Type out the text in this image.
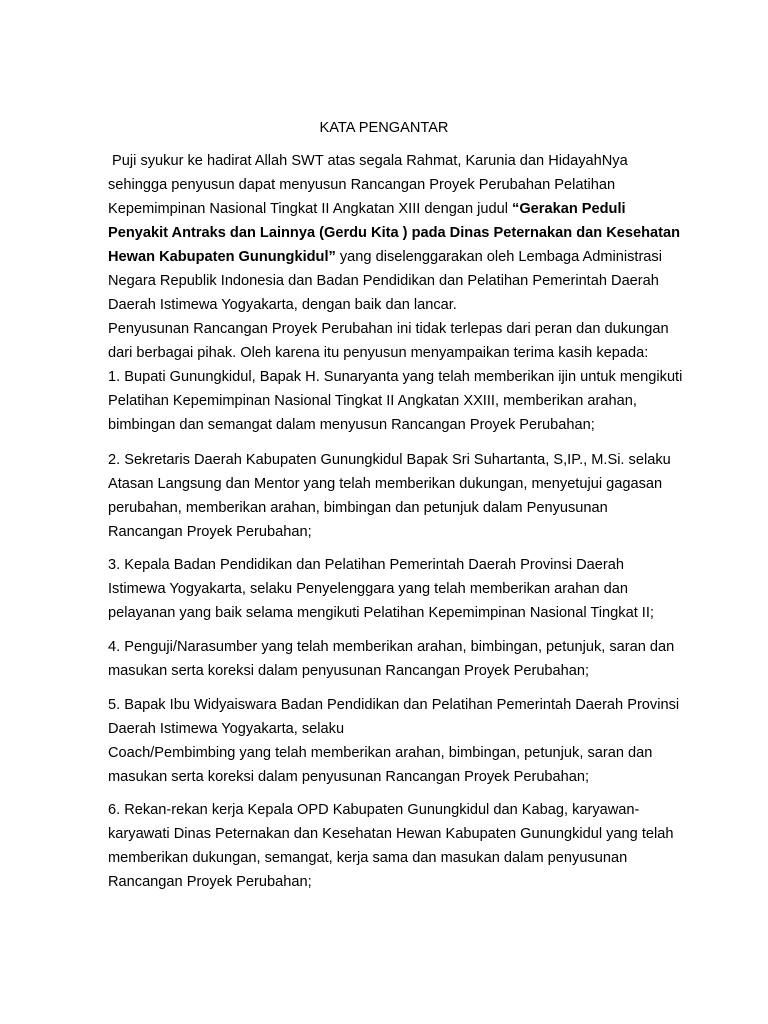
KATA PENGANTAR
Puji syukur ke hadirat Allah SWT atas segala Rahmat, Karunia dan HidayahNya
sehingga penyusun dapat menyusun Rancangan Proyek Perubahan Pelatihan
Kepemimpinan Nasional Tingkat II Angkatan XIII dengan judul “Gerakan Peduli
Penyakit Antraks dan Lainnya (Gerdu Kita ) pada Dinas Peternakan dan Kesehatan
Hewan Kabupaten Gunungkidul” yang diselenggarakan oleh Lembaga Administrasi
Negara Republik Indonesia dan Badan Pendidikan dan Pelatihan Pemerintah Daerah
Daerah Istimewa Yogyakarta, dengan baik dan lancar.
Penyusunan Rancangan Proyek Perubahan ini tidak terlepas dari peran dan dukungan
dari berbagai pihak. Oleh karena itu penyusun menyampaikan terima kasih kepada:
1. Bupati Gunungkidul, Bapak H. Sunaryanta yang telah memberikan ijin untuk mengikuti
Pelatihan Kepemimpinan Nasional Tingkat II Angkatan XXIII, memberikan arahan,
bimbingan dan semangat dalam menyusun Rancangan Proyek Perubahan;
2. Sekretaris Daerah Kabupaten Gunungkidul Bapak Sri Suhartanta, S,IP., M.Si. selaku
Atasan Langsung dan Mentor yang telah memberikan dukungan, menyetujui gagasan
perubahan, memberikan arahan, bimbingan dan petunjuk dalam Penyusunan
Rancangan Proyek Perubahan;
3. Kepala Badan Pendidikan dan Pelatihan Pemerintah Daerah Provinsi Daerah
Istimewa Yogyakarta, selaku Penyelenggara yang telah memberikan arahan dan
pelayanan yang baik selama mengikuti Pelatihan Kepemimpinan Nasional Tingkat II;
4. Penguji/Narasumber yang telah memberikan arahan, bimbingan, petunjuk, saran dan
masukan serta koreksi dalam penyusunan Rancangan Proyek Perubahan;
5. Bapak Ibu Widyaiswara Badan Pendidikan dan Pelatihan Pemerintah Daerah Provinsi
Daerah Istimewa Yogyakarta, selaku
Coach/Pembimbing yang telah memberikan arahan, bimbingan, petunjuk, saran dan
masukan serta koreksi dalam penyusunan Rancangan Proyek Perubahan;
6. Rekan-rekan kerja Kepala OPD Kabupaten Gunungkidul dan Kabag, karyawan-
karyawati Dinas Peternakan dan Kesehatan Hewan Kabupaten Gunungkidul yang telah
memberikan dukungan, semangat, kerja sama dan masukan dalam penyusunan
Rancangan Proyek Perubahan;
